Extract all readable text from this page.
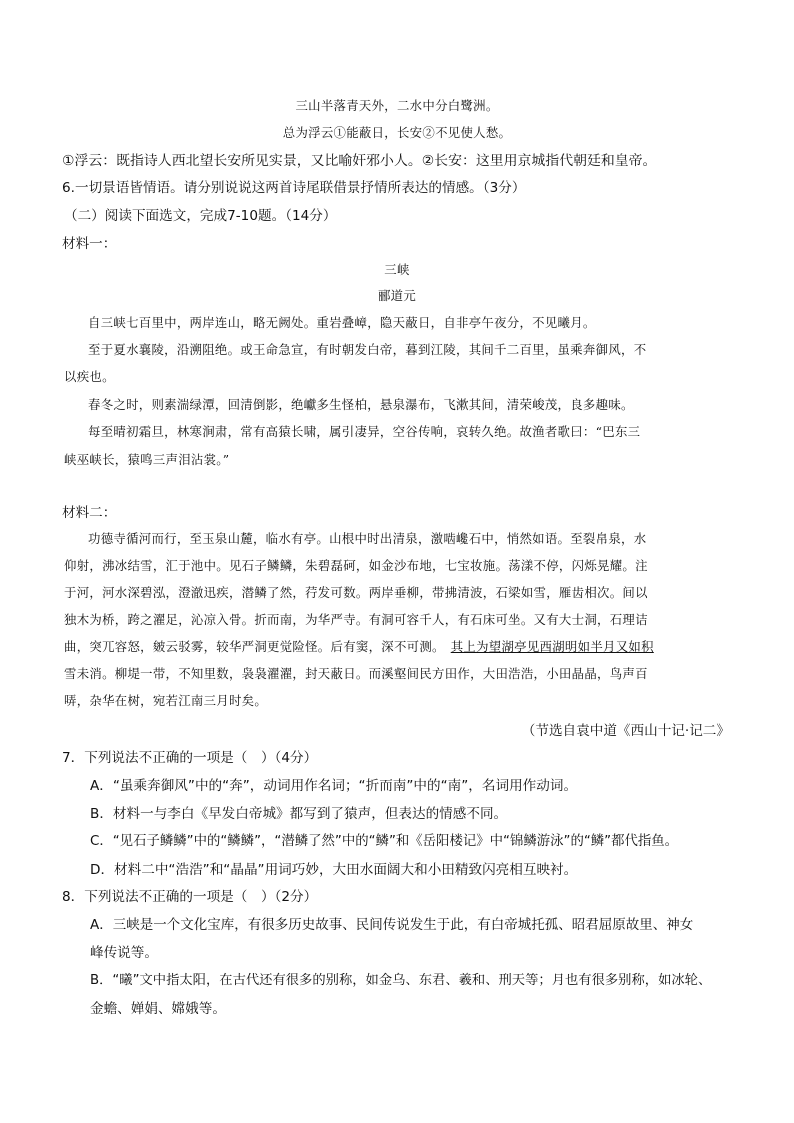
三山半落青天外，二水中分白鹭洲。
总为浮云①能蔽日，长安②不见使人愁。
①浮云：既指诗人西北望长安所见实景，又比喻奸邪小人。②长安：这里用京城指代朝廷和皇帝。
6.一切景语皆情语。请分别说说这两首诗尾联借景抒情所表达的情感。（3分）
（二）阅读下面选文，完成7-10题。（14分）
材料一：
三峡
郦道元
自三峡七百里中，两岸连山，略无阙处。重岩叠嶂，隐天蔽日，自非亭午夜分，不见曦月。
至于夏水襄陵，沿溯阻绝。或王命急宣，有时朝发白帝，暮到江陵，其间千二百里，虽乘奔御风，不
以疾也。
春冬之时，则素湍绿潭，回清倒影，绝巘多生怪柏，悬泉瀑布，飞漱其间，清荣峻茂，良多趣味。
每至晴初霜旦，林寒涧肃，常有高猿长啸，属引凄异，空谷传响，哀转久绝。故渔者歌曰：“巴东三
峡巫峡长，猿鸣三声泪沾裳。”
材料二：
功德寺循河而行，至玉泉山麓，临水有亭。山根中时出清泉，激啮巉石中，悄然如语。至裂帛泉，水
仰射，沸冰结雪，汇于池中。见石子鳞鳞，朱碧磊砢，如金沙布地，七宝妆施。荡漾不停，闪烁晃耀。注
于河，河水深碧泓，澄澈迅疾，潜鳞了然，荇发可数。两岸垂柳，带拂清波，石梁如雪，雁齿相次。间以
独木为桥，跨之濯足，沁凉入骨。折而南，为华严寺。有洞可容千人，有石床可坐。又有大士洞，石理诘
曲，突兀容怒，皴云驳雾，较华严洞更觉险怪。后有窦，深不可测。 其上为望湖亭见西湖明如半月又如积
雪未消。柳堤一带，不知里数，袅袅濯濯，封天蔽日。而溪壑间民方田作，大田浩浩，小田晶晶，鸟声百
哢，杂华在树，宛若江南三月时矣。
（节选自袁中道《西山十记·记二》
7．下列说法不正确的一项是（　）（4分）
A．“虽乘奔御风”中的“奔”，动词用作名词；“折而南”中的“南”，名词用作动词。
B．材料一与李白《早发白帝城》都写到了猿声，但表达的情感不同。
C．“见石子鳞鳞”中的“鳞鳞”，“潜鳞了然”中的“鳞”和《岳阳楼记》中“锦鳞游泳”的“鳞”都代指鱼。
D．材料二中“浩浩”和“晶晶”用词巧妙，大田水面阔大和小田精致闪亮相互映衬。
8．下列说法不正确的一项是（　）（2分）
A．三峡是一个文化宝库，有很多历史故事、民间传说发生于此，有白帝城托孤、昭君屈原故里、神女
峰传说等。
B．“曦”文中指太阳，在古代还有很多的别称，如金乌、东君、羲和、刑天等；月也有很多别称，如冰轮、
金蟾、婵娟、嫦娥等。
